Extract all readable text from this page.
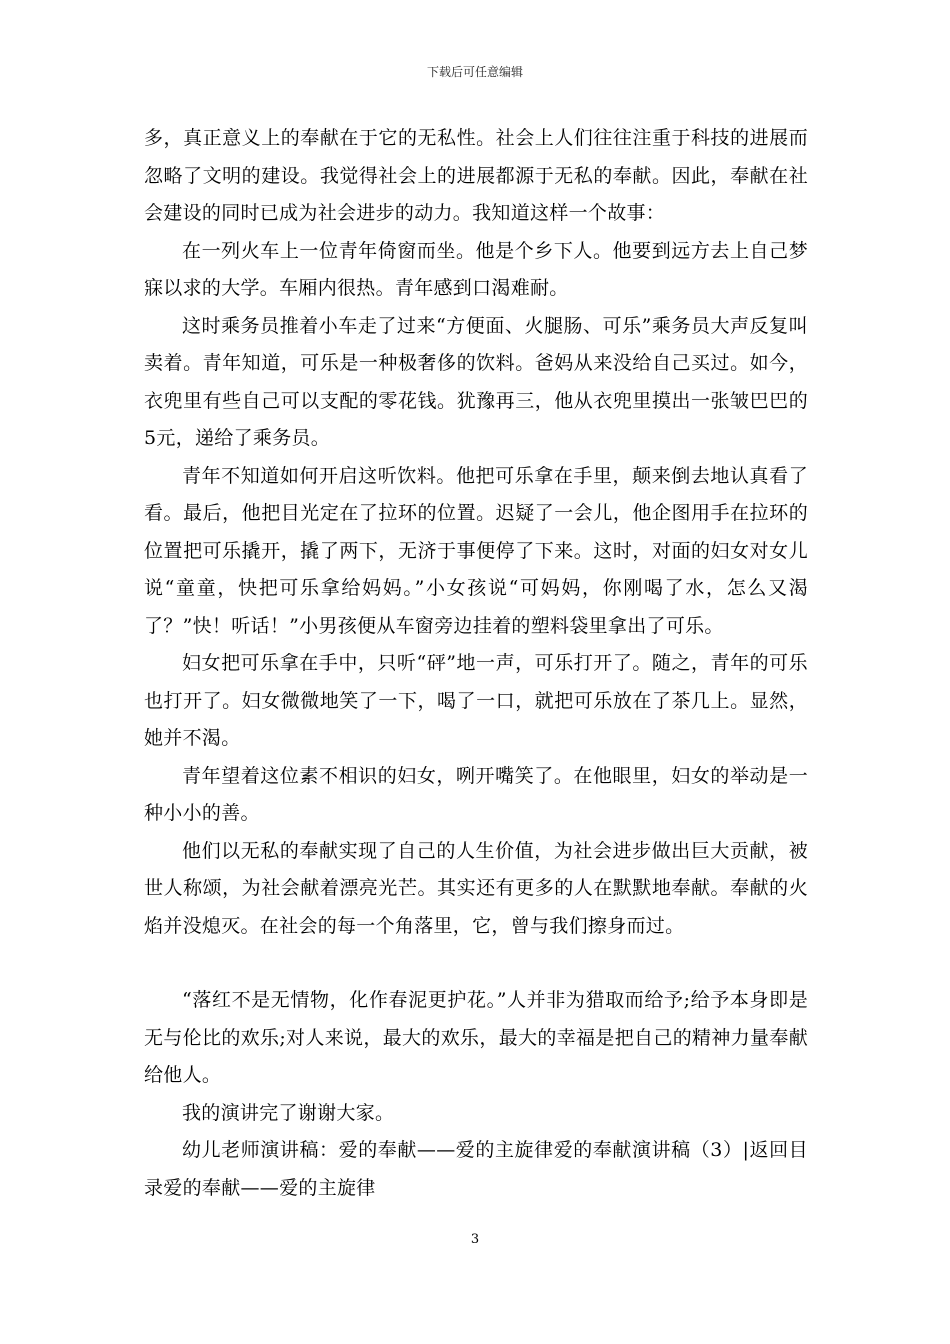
下载后可任意编辑

多，真正意义上的奉献在于它的无私性。社会上人们往往注重于科技的进展而忽略了文明的建设。我觉得社会上的进展都源于无私的奉献。因此，奉献在社会建设的同时已成为社会进步的动力。我知道这样一个故事：

在一列火车上一位青年倚窗而坐。他是个乡下人。他要到远方去上自己梦寐以求的大学。车厢内很热。青年感到口渴难耐。

这时乘务员推着小车走了过来“方便面、火腿肠、可乐”乘务员大声反复叫卖着。青年知道，可乐是一种极奢侈的饮料。爸妈从来没给自己买过。如今，衣兜里有些自己可以支配的零花钱。犹豫再三，他从衣兜里摸出一张皱巴巴的5元，递给了乘务员。

青年不知道如何开启这听饮料。他把可乐拿在手里，颠来倒去地认真看了看。最后，他把目光定在了拉环的位置。迟疑了一会儿，他企图用手在拉环的位置把可乐撬开，撬了两下，无济于事便停了下来。这时，对面的妇女对女儿说“童童，快把可乐拿给妈妈。”小女孩说“可妈妈，你刚喝了水，怎么又渴了？”快！听话！”小男孩便从车窗旁边挂着的塑料袋里拿出了可乐。

妇女把可乐拿在手中，只听“砰”地一声，可乐打开了。随之，青年的可乐也打开了。妇女微微地笑了一下，喝了一口，就把可乐放在了茶几上。显然，她并不渴。

青年望着这位素不相识的妇女，咧开嘴笑了。在他眼里，妇女的举动是一种小小的善。

他们以无私的奉献实现了自己的人生价值，为社会进步做出巨大贡献，被世人称颂，为社会献着漂亮光芒。其实还有更多的人在默默地奉献。奉献的火焰并没熄灭。在社会的每一个角落里，它，曾与我们擦身而过。

“落红不是无情物，化作春泥更护花。”人并非为猎取而给予;给予本身即是无与伦比的欢乐;对人来说，最大的欢乐，最大的幸福是把自己的精神力量奉献给他人。

我的演讲完了谢谢大家。

幼儿老师演讲稿：爱的奉献——爱的主旋律爱的奉献演讲稿（3）|返回目录爱的奉献——爱的主旋律

3
